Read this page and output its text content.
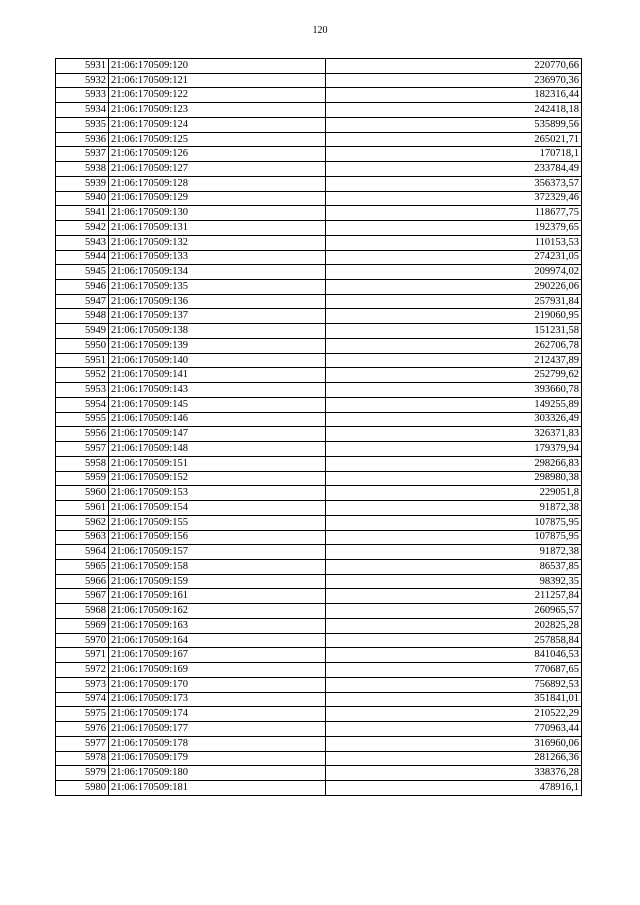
120
5931	21:06:170509:120	220770,66
5932	21:06:170509:121	236970,36
5933	21:06:170509:122	182316,44
5934	21:06:170509:123	242418,18
5935	21:06:170509:124	535899,56
5936	21:06:170509:125	265021,71
5937	21:06:170509:126	170718,1
5938	21:06:170509:127	233784,49
5939	21:06:170509:128	356373,57
5940	21:06:170509:129	372329,46
5941	21:06:170509:130	118677,75
5942	21:06:170509:131	192379,65
5943	21:06:170509:132	110153,53
5944	21:06:170509:133	274231,05
5945	21:06:170509:134	209974,02
5946	21:06:170509:135	290226,06
5947	21:06:170509:136	257931,84
5948	21:06:170509:137	219060,95
5949	21:06:170509:138	151231,58
5950	21:06:170509:139	262706,78
5951	21:06:170509:140	212437,89
5952	21:06:170509:141	252799,62
5953	21:06:170509:143	393660,78
5954	21:06:170509:145	149255,89
5955	21:06:170509:146	303326,49
5956	21:06:170509:147	326371,83
5957	21:06:170509:148	179379,94
5958	21:06:170509:151	298266,83
5959	21:06:170509:152	298980,38
5960	21:06:170509:153	229051,8
5961	21:06:170509:154	91872,38
5962	21:06:170509:155	107875,95
5963	21:06:170509:156	107875,95
5964	21:06:170509:157	91872,38
5965	21:06:170509:158	86537,85
5966	21:06:170509:159	98392,35
5967	21:06:170509:161	211257,84
5968	21:06:170509:162	260965,57
5969	21:06:170509:163	202825,28
5970	21:06:170509:164	257858,84
5971	21:06:170509:167	841046,53
5972	21:06:170509:169	770687,65
5973	21:06:170509:170	756892,53
5974	21:06:170509:173	351841,01
5975	21:06:170509:174	210522,29
5976	21:06:170509:177	770963,44
5977	21:06:170509:178	316960,06
5978	21:06:170509:179	281266,36
5979	21:06:170509:180	338376,28
5980	21:06:170509:181	478916,1
